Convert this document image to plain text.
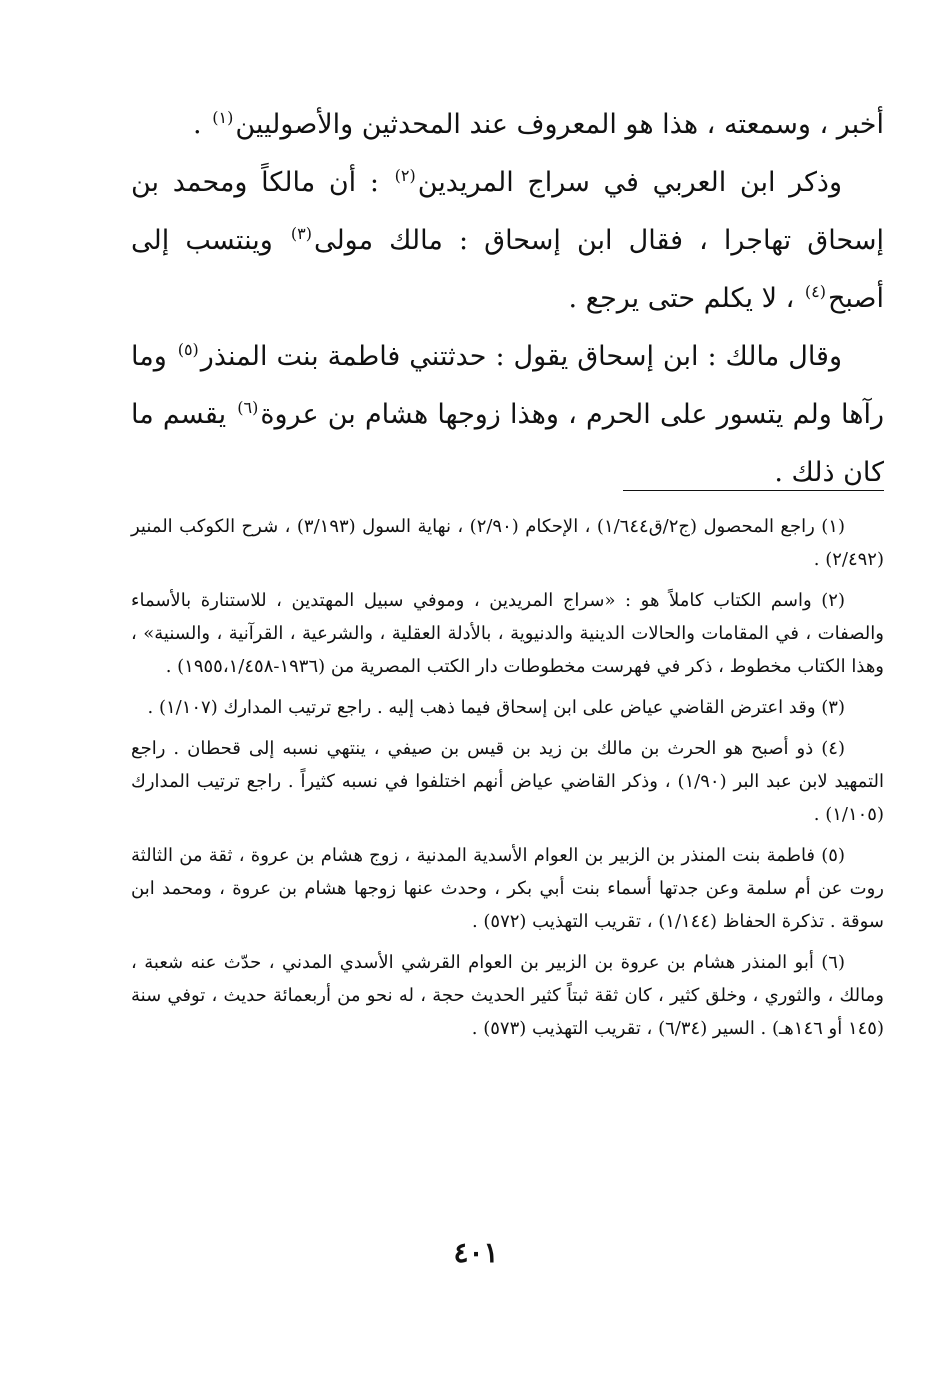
أخبر ، وسمعته ، هذا هو المعروف عند المحدثين والأصوليين$^{(١)}$ .

وذكر ابن العربي في سراج المريدين$^{(٢)}$ : أن مالكاً ومحمد بن إسحاق تهاجرا ، فقال ابن إسحاق : مالك مولى$^{(٣)}$ وينتسب إلى أصبح$^{(٤)}$ ، لا يكلم حتى يرجع .

وقال مالك : ابن إسحاق يقول : حدثتني فاطمة بنت المنذر$^{(٥)}$ وما رآها ولم يتسور على الحرم ، وهذا زوجها هشام بن عروة$^{(٦)}$ يقسم ما كان ذلك .

(١) راجع المحصول (ج٢/ق١/٦٤٤) ، الإحكام (٢/٩٠) ، نهاية السول (٣/١٩٣) ، شرح الكوكب المنير (٢/٤٩٢) .

(٢) واسم الكتاب كاملاً هو : «سراج المريدين ، وموفي سبيل المهتدين ، للاستنارة بالأسماء والصفات ، في المقامات والحالات الدينية والدنيوية ، بالأدلة العقلية ، والشرعية ، القرآنية ، والسنية» ، وهذا الكتاب مخطوط ، ذكر في فهرست مخطوطات دار الكتب المصرية من (١٩٣٦-١٩٥٥،١/٤٥٨) .

(٣) وقد اعترض القاضي عياض على ابن إسحاق فيما ذهب إليه . راجع ترتيب المدارك (١/١٠٧) .

(٤) ذو أصبح هو الحرث بن مالك بن زيد بن قيس بن صيفي ، ينتهي نسبه إلى قحطان . راجع التمهيد لابن عبد البر (١/٩٠) ، وذكر القاضي عياض أنهم اختلفوا في نسبه كثيراً . راجع ترتيب المدارك (١/١٠٥) .

(٥) فاطمة بنت المنذر بن الزبير بن العوام الأسدية المدنية ، زوج هشام بن عروة ، ثقة من الثالثة روت عن أم سلمة وعن جدتها أسماء بنت أبي بكر ، وحدث عنها زوجها هشام بن عروة ، ومحمد ابن سوقة . تذكرة الحفاظ (١/١٤٤) ، تقريب التهذيب (٥٧٢) .

(٦) أبو المنذر هشام بن عروة بن الزبير بن العوام القرشي الأسدي المدني ، حدّث عنه شعبة ، ومالك ، والثوري ، وخلق كثير ، كان ثقة ثبتاً كثير الحديث حجة ، له نحو من أربعمائة حديث ، توفي سنة (١٤٥ أو ١٤٦هـ) . السير (٦/٣٤) ، تقريب التهذيب (٥٧٣) .

٤٠١
